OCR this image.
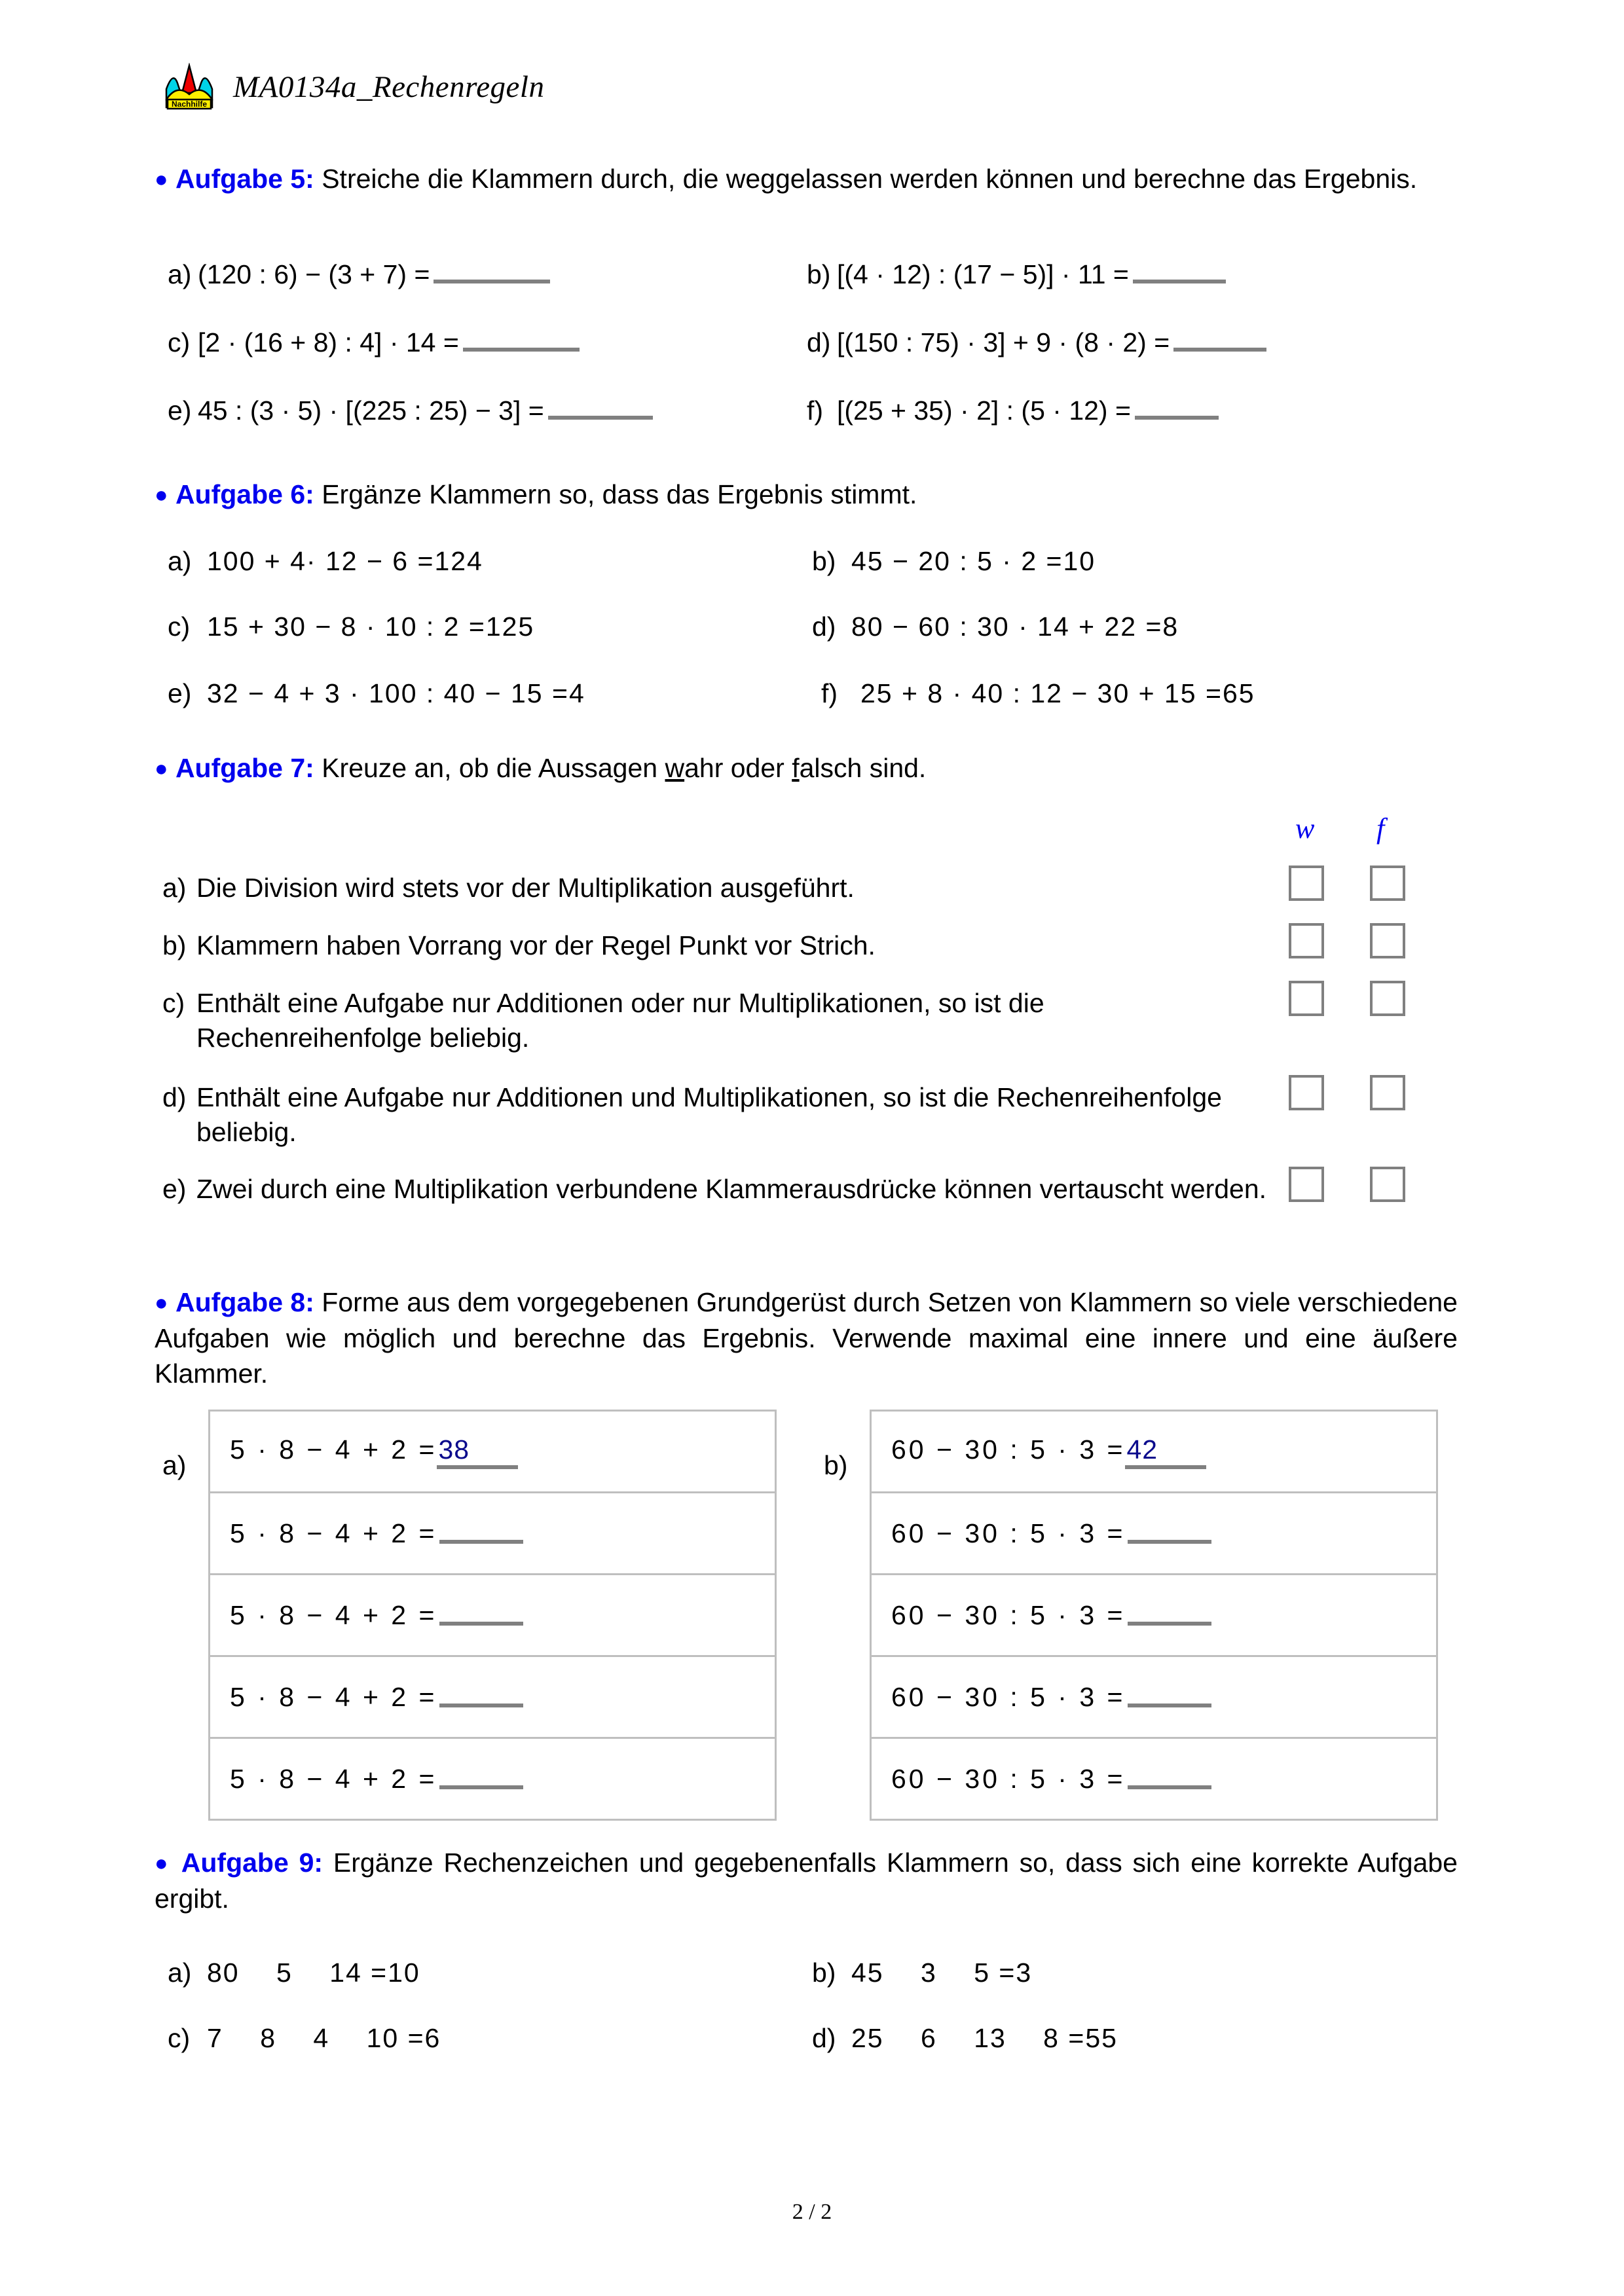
Nachhilfe MA0134a_Rechenregeln
● Aufgabe 5: Streiche die Klammern durch, die weggelassen werden können und berechne das Ergebnis.
a) (120 : 6) − (3 + 7) =	b) [(4 · 12) : (17 − 5)] · 11 =
c) [2 · (16 + 8) : 4] · 14 =	d) [(150 : 75) · 3] + 9 · (8 · 2) =
e) 45 : (3 · 5) · [(225 : 25) − 3] =	f) [(25 + 35) · 2] : (5 · 12) =
● Aufgabe 6: Ergänze Klammern so, dass das Ergebnis stimmt.
a) 100 + 4· 12 − 6 =124	b) 45 − 20 : 5 · 2 =10
c) 15 + 30 − 8 · 10 : 2 =125	d) 80 − 60 : 30 · 14 + 22 =8
e) 32 − 4 + 3 · 100 : 40 − 15 =4	f) 25 + 8 · 40 : 12 − 30 + 15 =65
● Aufgabe 7: Kreuze an, ob die Aussagen wahr oder falsch sind.
w f
a) Die Division wird stets vor der Multiplikation ausgeführt.
b) Klammern haben Vorrang vor der Regel Punkt vor Strich.
c) Enthält eine Aufgabe nur Additionen oder nur Multiplikationen, so ist die Rechenreihenfolge beliebig.
d) Enthält eine Aufgabe nur Additionen und Multiplikationen, so ist die Rechenreihenfolge beliebig.
e) Zwei durch eine Multiplikation verbundene Klammerausdrücke können vertauscht werden.
● Aufgabe 8: Forme aus dem vorgegebenen Grundgerüst durch Setzen von Klammern so viele verschiedene Aufgaben wie möglich und berechne das Ergebnis. Verwende maximal eine innere und eine äußere Klammer.
a)
5 · 8 − 4 + 2 =38
5 · 8 − 4 + 2 =
5 · 8 − 4 + 2 =
5 · 8 − 4 + 2 =
5 · 8 − 4 + 2 =
b)
60 − 30 : 5 · 3 =42
60 − 30 : 5 · 3 =
60 − 30 : 5 · 3 =
60 − 30 : 5 · 3 =
60 − 30 : 5 · 3 =
● Aufgabe 9: Ergänze Rechenzeichen und gegebenenfalls Klammern so, dass sich eine korrekte Aufgabe ergibt.
a) 80  5  14 =10	b) 45  3  5 =3
c) 7  8  4  10 =6	d) 25  6  13  8 =55
2 / 2
